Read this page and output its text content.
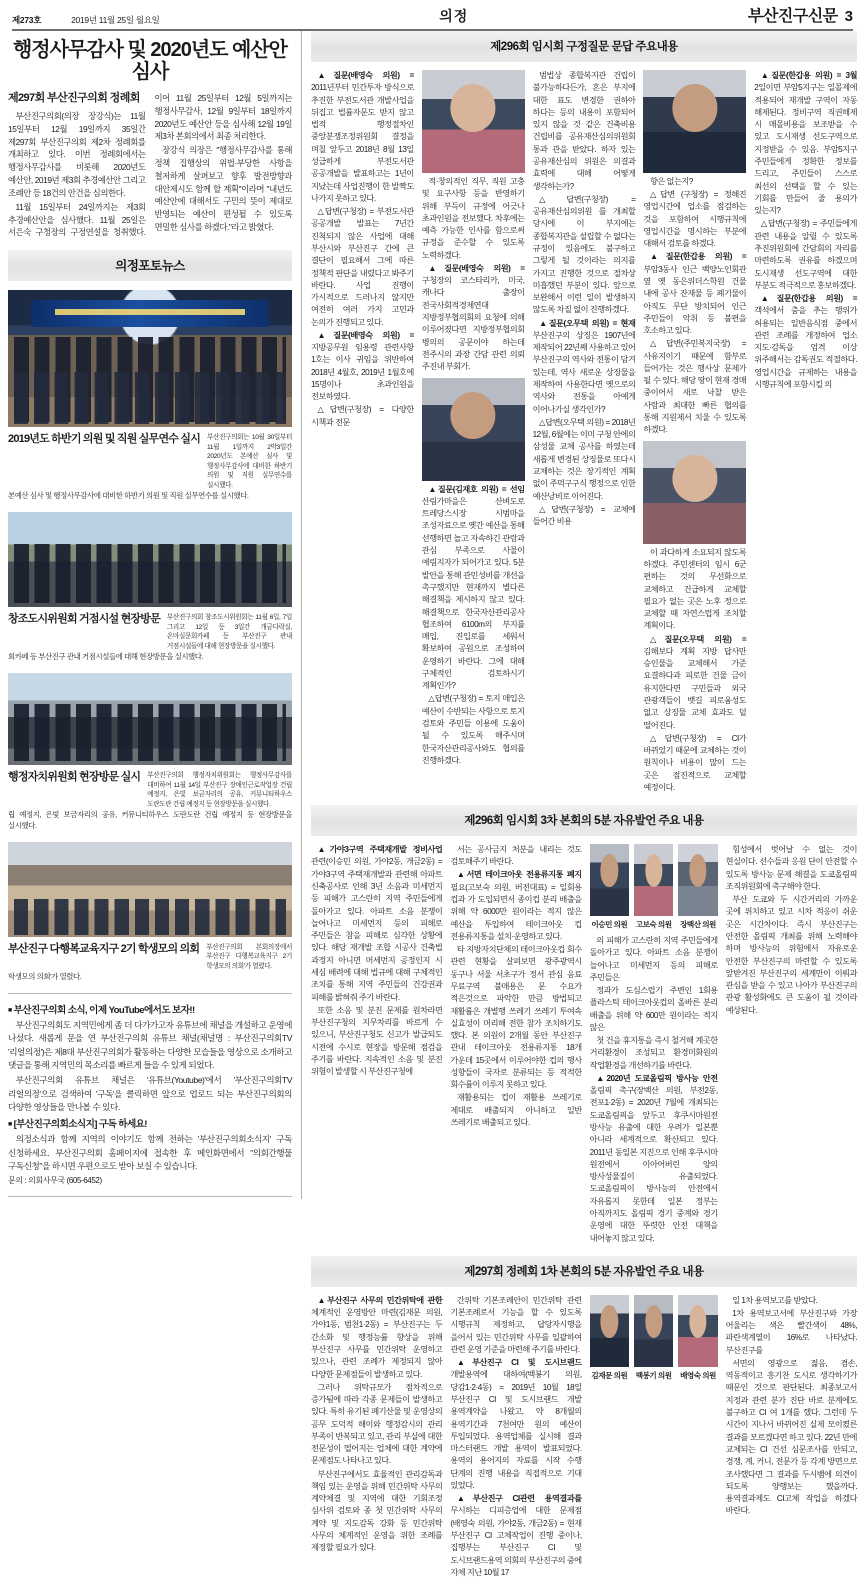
제273호	2019년 11월 25일 월요일	의정	부산진구신문 3
행정사무감사 및 2020년도 예산안 심사
제297회 부산진구의회 정례회

부산진구의회(의장 장강식)는 11월 15일부터 12월 19일까지 35일간 제297회 부산진구의회 제2차 정례회를 개최하고 있다. 이번 정례회에서는 행정사무감사를 비롯해 2020년도 예산안, 2019년 제3회 추경예산안 그리고 조례안 등 18건의 안건을 심의한다.

11월 15일부터 24일까지는 제3회 추경예산안을 심사했다. 11월 25일은 서은숙 구청장의 구정연설을 청취했다. 이어 11월 25일부터 12월 5일까지는 행정사무감사, 12월 9일부터 18일까지 2020년도 예산안 등을 심사해 12월 19일 제3차 본회의에서 최종 처리한다.

장강식 의장은 "행정사무감사를 통해 정책 집행상의 위법·부당한 사항을 철저하게 살펴보고 향후 발전방향과 대안제시도 함께 할 계획"이라며 "내년도 예산안에 대해서도 구민의 뜻이 제대로 반영되는 예산이 편성될 수 있도록 면밀한 심사를 하겠다."라고 밝혔다.

의정포토뉴스
2019년도 하반기 의원 및 직원 실무연수 실시 부산진구의회는 10월 30일부터 11월 1일까지 2박3일간 2020년도 본예산 심사 및 행정사무감사에 대비한 하반기 의원 및 직원 실무연수를 실시했다.
본예산 심사 및 행정사무감사에 대비한 하반기 의원 및 직원 실무연수를 실시했다.
창조도시위원회 거점시설 현장방문 부산진구의회 창조도시위원회는 11월 6일, 7일 그리고 12일 등 3일간 개금다락실, 온마실문회카페 등 부산진구 관내 거점시설들에 대해 현장방문을 실시했다.
회카페 등 부산진구 관내 거점시설들에 대해 현장방문을 실시했다.
행정자치위원회 현장방문 실시 부산진구의회 행정자치위원회는 행정사무감사를 대비하여 11월 14일 부산진구 장애인근로작업장 건립 예정지, 은빛 보금자리의 공유, 커뮤니티하우스 도란도란 건립 예정지 등 현장방문을 실시했다.
립 예정지, 은빛 보금자리의 공유, 커뮤니티하우스 도란도란 건립 예정지 등 현장방문을 실시했다.
부산진구 다행복교육지구 2기 학생모의 의회 부산진구의회 본회의장에서 부산진구 다행복교육지구 2기 학생모의 의회'가 열렸다.
학생모의 의회'가 열렸다.
■ 부산진구의회 소식, 이제 YouTube에서도 보자!!

부산진구의회도 지역민에게 좀 더 다가가고자 유튜브에 채널을 개설하고 운영에 나섰다. 새롭게 문을 연 부산진구의회 유튜브 채널(채널명 : 부산진구의회TV '리얼의정')은 제8대 부산진구의회가 활동하는 다양한 모습들을 영상으로 소개하고 댓글을 통해 지역민의 목소리를 빠르게 들을 수 있게 되었다.

부산진구의회 유튜브 채널은 '유튜브(Youtube)'에서 '부산진구의회TV 리얼의정'으로 검색하여 '구독'을 클릭하면 앞으로 업로드 되는 부산진구의회의 다양한 영상들을 만나볼 수 있다.

■ [부산진구의회소식지] 구독 하세요!

의정소식과 함께 지역의 이야기도 함께 전하는 '부산진구의회소식지' 구독 신청하세요. 부산진구의회 홈페이지에 접속한 후 메인화면에서 "의회간행물 구독신청"을 하시면 우편으로도 받아 보실 수 있습니다.

문의 : 의회사무국 (605-6452)
제296회 임시회 구정질문 문답 주요내용

▲질문(배영숙 의원) = 2011년부터 민간투자 방식으로 추진한 부전도서관 개발사업을 뒤집고 법률자문도 받지 않고 법적 행정절차인 중앙분쟁조정위원회 결정을 며칠 앞두고 2018년 8월 13일 성급하게 부전도서관 공공개발을 발표하고는 1년이 지났는데 사업진행이 한 발짝도 나가지 못하고 있다.

△답변(구청장) = 부전도서관 공공개발 발표는 7년간 진척되지 않은 사업에 대해 부산시와 부산진구 간에 큰 결단이 필요해서 그에 따른 정책적 판단을 내렸다고 봐주기 바란다. 사업 진행이 가시적으로 드러나지 않지만 여전히 여러 가지 고민과 논의가 진행되고 있다.

▲질문(배영숙 의원) = 지방공무원 임용령 관련사항 1호는 이사 귀임을 위반하여 2018년 4월호, 2019년 1월호에 15명이나 초과인원을 전보하였다.

△답변(구청장) = 다양한 시책과 전문

적·창의적인 직무, 직원 고충 및 요구사항 등을 반영하기 위해 부득이 규정에 어긋나 초과인원을 전보했다. 차후에는 예측 가능한 인사를 함으로써 규정을 준수할 수 있도록 노력하겠다.

▲질문(배영숙 의원) = 구청장의 코스타리카, 미국, 캐나다 출장이 전국사회적경제연대 지방정부협의회의 요청에 의해 이루어졌다면 지방정부협의회 병의의 공문이야 하는데 전주시의 과장 간담 관련 의뢰 주진내 부회가.

▲질문(김재호 의원) = 선임 산림가마을은 산벼도로 트레당스시장 시범마을 조성자료으로 옛간 예산을 통해 선행하면 놀고 자속하긴 관람과 관심 부족으로 사물이 예림지자가 되어가고 있다. 5분 발안을 통해 관민성비를 개선을 촉구했지만 현재까지 별다른 해결책을 제시하지 않고 있다. 해결책으로 한국자산관리공사 협조하여 6100m의 부지를 매입, 진입로를 세워서 확보하여 공원으로 조성하여 운영하기 바란다. 그에 대해 구체적인 검토하시기 계획인가?

△답변(구청장) = 토지 매입은 예산이 수반되는 사항으로 토지 검토와 주민들 이용에 도움이 될 수 있도록 해주시며 한국자산관리공사와도 협의를 진행하겠다.

범법상 종합복지관 건립이 불가능하다든가, 혼은 부지에 대한 표도 변경한 권하아 하다는 등의 내용이 포함되어 있지 않을 것 같은 건축비용 건립비를 공유재산심의위원회 통과 관을 받았다. 하자 있는 공유재산심의 위원은 의결과 효력에 대해 어떻게 생각하는가?

△답변(구청장) = 공유재산심의위원 를 개최할 당시에 이 부지에는 종합복지관을 설립할 수 없다는 규정이 있음에도 불구하고 그렇게 될 것이라는 의지를 가지고 진행한 것으로 절차상 미흡했던 부분이 있다. 앞으로 보완해서 이런 일이 발생하지 않도록 차질 없이 진행하겠다.

▲질문(오무택 의원) = 현재 부산진구의 상징은 1907년에 제작되어 22년째 사용하고 있어 부산진구의 역사와 전통이 담겨 있는데, 역사 새로운 상징물을 제작하여 사용한다면 옛으로의 역사와 전통을 아예게 이어나가실 생각인가?

△답변(오무택 의원) = 2018년 12월, 6월에는 이미 구청 안에의 삼성물 교체 공사를 하였는데 새롭게 변경된 상징물로 또다시 교체하는 것은 장기적인 계획 없이 주먹구구식 행정으로 인한 예산낭비로 이어진다.

△답변(구청장) = 교체에 들어간 비용

향은 없는지?

△답변 (구청장) = 정해진 영업시간에 업소를 점검하는 것을 포함하여 시행규칙에 영업시간을 명시하는 부분에 대해서 검토를 하겠다.

▲질문(한갑용 의원) = 부암3동사 인근 백양노인회관 옆 옛 동은위더스학원 건물 내에 공사 잔재물 등 폐기물이 아직도 무단 방치되어 인근 주민들이 악취 등 불편을 호소하고 있다.

△답변(주민복지국장) = 사유지이기 때문에 함부로 들어가는 것은 행사상 문제가 될 수 있다. 해당 땅이 현재 경매 중이어서 새로 낙찰 받은 사람과 최대한 빠른 협의를 통해 지원제서 치울 수 있도록 하겠다.

이 과다하게 소요되지 않도록 하겠다. 주민센터의 임시 6군 편하는 것의 무선화으로 교체하고 건급하게 교체할 필요가 없는 곳은 노후 정으로 교체할 때 자연스럽게 조치할 계획이다.

△질문(오무택 의원) = 김해보다 계획 지방 답사만 승인물을 교체해서 가준 요결하다과 피로한 건물 금이 유지한다면 구민들과 외국 관광객들이 뱃길 피로움성도 없고 상징물 교체 효과도 덜 떨어진다.

△답변(구청장) = CI가 바뀌었기 때문에 교체하는 것이 원칙이나 비용이 많이 드는 곳은 점진적으로 교체할 예정이다.

▲질문(한갑용 의원) = 3월 2일이면 부암5지구는 일몰제에 적용되어 재개발 구역이 자동 해제된다. 정비구역 직권해제 시 매몰비용을 보조받을 수 있고 도시재생 선도구역으로 지정받을 수 있음. 부암5지구 주민들에게 정확한 정보를 드리고, 주민들이 스스로 최선의 선택을 할 수 있는 기회를 만들어 줄 용의가 있는지?

△답변(구청장) = 주민들에게 관련 내용을 알릴 수 있도록 추진위원회에 간담회의 자리를 마련하도록 권유를 하겠으며 도시재생 선도구역에 대한 부분도 적극적으로 홍보하겠다.

▲질문(한갑용 의원) = 객석에서 춤을 추는 행위가 허용되는 일반음식점 중에서 관련 조례를 개정하여 업소 지도·감독을 엄격 이상 위주해서는 감독권도 적절하다. 영업시간을 규제하는 내용을 시행규칙에 포함시킬 의

제296회 임시회 3차 본회의 5분 자유발언 주요 내용

▲가야3구역 주택재개발 정비사업 관련(이승민 의원, 가야2동, 개금2동) = 가야3구역 주택재개발과 관련해 아파트 신축공사로 인해 3년 소음과 미세먼지 등 피해가 고스란히 지역 주민들에게 돌아가고 있다. 아파트 소음 분쟁이 늘어나고 미세먼지 등의 피해로 주민들은 참을 피해로 심각한 상황에 있다. 해당 재개발 조합 시공사 건축법 과정지 아니면 머세먼지 공정인지 시 세심 배려에 대해 법규에 대해 구체적인 조치를 통해 지역 주민들의 건강권과 피해를 밝혀줘 주기 바란다.

또한 소음 및 분진 문제를 원차라면 부산진구청의 지무차리를 바르게 수 있으니, 부산진구청도 신고가 발급되도 시전에 수시로 현장을 방문해 점검을 주기를 바란다. 지속적인 소음 및 분진 위험이 발생할 시 부산진구청에

서는 공사금지 처분을 내리는 것도 검토해주기 바란다.

▲서면 테이크아웃 전용류지통 폐지 필요(고보숙 의원, 버전대표) = 일회용 컵과 가 도입되면서 종이컵 분리 배출을 위해 약 6000만 원이라는 적지 않은 예산을 투입하여 테이크아웃 컵 전용류지통을 설치·운영하고 있다.

타 지방자치단체의 테이크아웃컵 회수 관련 현황을 살펴보면 광주광역시 동구나 서울 서초구가 정서 관심 음료 무료구역 불매용은 문 수요가 적은것으로 파악한 만큼 방법되고 재활률은 개별행 쓰레기 쓰레기 투여속 실효성이 머리해 전한 참가 조치하기도 했다. 본 의원이 2개월 동안 부산진구 관내 테이크아웃 전용류지통 18개 가운데 15곳에서 이루어야한 컵의 행사 성향들이 국자로 분류되는 등 적적한 회수률이 이루지 못하고 있다.

재활용되는 컵이 재활용 쓰레기로 제대로 배출되지 아니하고 일반 쓰레기로 배출되고 있다.

이승민 의원 고보숙 의원 장백산 의원

의 피해가 고스란히 지역 주민들에게 돌아가고 있다. 아파트 소음 분쟁이 늘어나고 미세먼지 등의 피해로 주민들은

정과가 도심스럽기 주변인 1회용 플라스틱 테이크아웃컵의 올바른 분리 배출을 위해 약 600만 원이라는 적지 않은

첫 건을 휴지통을 즉시 철거해 계곳한 거리환경이 조성되고 환경미화원의 작업환경을 개선하기를 바란다.

▲2020년 도쿄올림픽 방사능 안전 올림픽 촉구(장백산 의원, 부전2동, 전포1·2동) = 2020년 7월에 개최되는 도쿄올림픽을 앞두고 후쿠시마원전 방사능 유출에 대한 우려가 일본뿐 아니라 세계적으로 확산되고 있다. 2011년 동일본 지진으로 인해 후쿠시마 원전에서 이아어버린 양의 방사성물질이 유출되었다. 도쿄올림픽이 방사능의 안전에서 자유롭지 못한데 일본 정부는 아직까지도 올림픽 경기 중계와 경기 운영에 대한 뚜렷한 안전 대책을 내어놓지 않고 있다.

힘성에서 벗어날 수 없는 것이 현실이다. 선수들과 응원 단이 안전할 수 있도록 방사능 문제 해결을 도쿄올림픽 조직위원회에 촉구해야 한다.

부산 도쿄와 두 시간거리의 가까운 곳에 위치하고 있고 시차 적응이 쉬운 곳은 시간차이다. 즉시 부산진구는 안전한 올림픽 개최를 위해 노력해야 하며 방사능의 위험에서 자유로운 안전한 부산진구의 마련할 수 있도록 앞받겨진 부산진구의 세계만이 이뤄과 관심을 받을 수 있고 나아가 부산진구의 관광 활성화에도 큰 도움이 될 것이라 예상된다.

제297회 정례회 1차 본회의 5분 자유발언 주요 내용

▲부산진구 사무의 민간위탁에 관한 체계적인 운영방안 마련(김재문 의원, 가야1동, 범천1·2동) = 부산진구는 두 간소화 및 행정능률 향상을 위해 부산진구 사무를 민간위탁 운영하고 있으나, 관련 조례가 제정되지 않아 다양한 문제점들이 발생하고 있다.

그러나 위탁규모가 점차적으로 증가됨에 따라 각종 문제들이 발생하고 있다. 특히 유기된 폐기산물 및 운영상의 공무 도덕적 해이와 행정감시의 관리 부족이 반복되고 있고, 관리 부실에 대한 전문성이 떨어지는 업체에 대한 계약에 문제점도 나타나고 있다.

부산진구에서도 효율적인 관리감독과 책임 있는 운영을 위해 민간위탁 사무의 계약체결 및 지역에 대한 기회조정 심사위 검토와 종 첫 민간위탁 사무의 계약 및 지도감독 강화 등 민간위탁 사무의 체계적인 운영을 위한 조례를 제정할 필요가 있다.

간위탁 기본조례안이 민간위탁 관련 기본조례로서 기능을 할 수 있도록 시행규칙 제정하고, 답당자시행을 을어서 있는 민간위탁 사무를 일괄하여 관련 운영 기준을 마련해 주기를 바란다.

▲부산진구 CI 및 도시브랜드 개발용역에 대하여(백봉기 의원, 당감1·2·4동) = 2019년 10월 18일 부산진구 CI 및 도시브랜드 개발 용역계약을 나왔고, 약 8개월의 용역기간과 7천여만 원의 예산이 투입되었다. 용역업체를 실시해 결과 마스터랜드 개발 용역이 발표되었다. 용역의 용어지의 자료를 시작 수행 단계의 진행 내용을 직접적으로 기대 있었다.

▲부산진구 CI관련 용역결과를 무시하는 디피층업에 대한 문제점(배영숙 의원, 가야2동, 개금2동) = 현재 부산진구 CI 고체작업이 진행 중이나, 집행부는 부산진구 CI 및 도시브랜드용역 의회의 부산진구의 중에 자체 지난 10월 17

김재문 의원 백봉기 의원 배영숙 의원

일 1차 용역보고를 받았다.

1차 용역보고서에 부산진구와 가장 어울리는 색은 빨간색이 48%, 파란색계열이 16%로 나타났다. 부산진구를

서면의 영광으로 젊음, 겸손, 역동적이고 흥기찬 도시로 생각하기가 때문인 것으로 판단된다. 최종보고서 지정과 관련 분가 진단 바로 분계에도 불구하고 CI 여 1개를 했다. 그런데 두 시간이 지나서 바뀌어진 실제 모이켰른 결과를 모르겠다면 하고 있다. 22년 만에 교체되는 CI 건선 심문조사를 안되고, 경쟁, 계, 커니, 전문가 등 각계 방면으로 조사했다면 그 결과를 두시뱀에 의견이 되도록 양행보는 했을까다. 용역결과제도 CI고체 작업을 하겠다 바란다.
